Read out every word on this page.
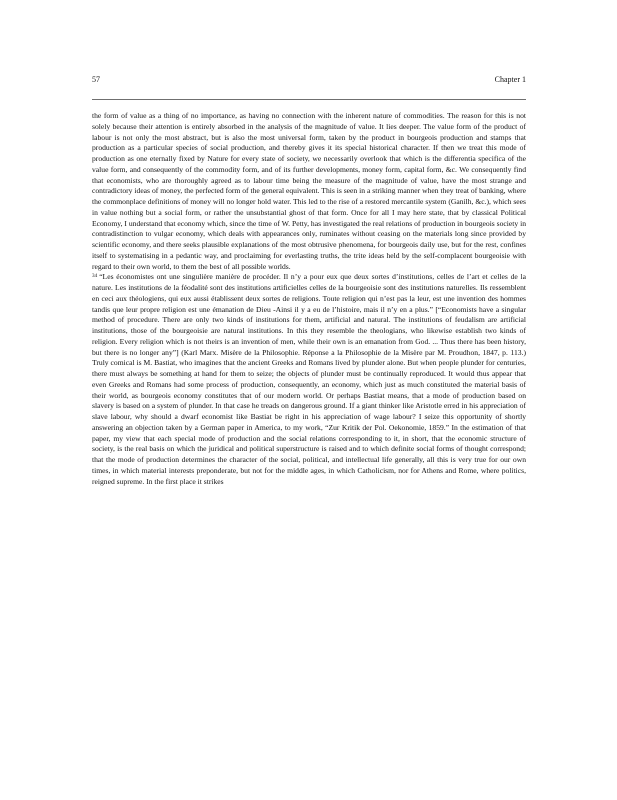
57	Chapter 1

the form of value as a thing of no importance, as having no connection with the inherent nature of commodities. The reason for this is not solely because their attention is entirely absorbed in the analysis of the magnitude of value. It lies deeper. The value form of the product of labour is not only the most abstract, but is also the most universal form, taken by the product in bourgeois production and stamps that production as a particular species of social production, and thereby gives it its special historical character. If then we treat this mode of production as one eternally fixed by Nature for every state of society, we necessarily overlook that which is the differentia specifica of the value form, and consequently of the commodity form, and of its further developments, money form, capital form, &c. We consequently find that economists, who are thoroughly agreed as to labour time being the measure of the magnitude of value, have the most strange and contradictory ideas of money, the perfected form of the general equivalent. This is seen in a striking manner when they treat of banking, where the commonplace definitions of money will no longer hold water. This led to the rise of a restored mercantile system (Ganilh, &c.), which sees in value nothing but a social form, or rather the unsubstantial ghost of that form. Once for all I may here state, that by classical Political Economy, I understand that economy which, since the time of W. Petty, has investigated the real relations of production in bourgeois society in contradistinction to vulgar economy, which deals with appearances only, ruminates without ceasing on the materials long since provided by scientific economy, and there seeks plausible explanations of the most obtrusive phenomena, for bourgeois daily use, but for the rest, confines itself to systematising in a pedantic way, and proclaiming for everlasting truths, the trite ideas held by the self-complacent bourgeoisie with regard to their own world, to them the best of all possible worlds.

$^{34}$ “Les économistes ont une singulière manière de procéder. Il n’y a pour eux que deux sortes d’institutions, celles de l’art et celles de la nature. Les institutions de la féodalité sont des institutions artificielles celles de la bourgeoisie sont des institutions naturelles. Ils ressemblent en ceci aux théologiens, qui eux aussi établissent deux sortes de religions. Toute religion qui n’est pas la leur, est une invention des hommes tandis que leur propre religion est une émanation de Dieu -Ainsi il y a eu de l’histoire, mais il n’y en a plus.” [“Economists have a singular method of procedure. There are only two kinds of institutions for them, artificial and natural. The institutions of feudalism are artificial institutions, those of the bourgeoisie are natural institutions. In this they resemble the theologians, who likewise establish two kinds of religion. Every religion which is not theirs is an invention of men, while their own is an emanation from God. ... Thus there has been history, but there is no longer any”] (Karl Marx. Misère de la Philosophie. Réponse a la Philosophie de la Misère par M. Proudhon, 1847, p. 113.) Truly comical is M. Bastiat, who imagines that the ancient Greeks and Romans lived by plunder alone. But when people plunder for centuries, there must always be something at hand for them to seize; the objects of plunder must be continually reproduced. It would thus appear that even Greeks and Romans had some process of production, consequently, an economy, which just as much constituted the material basis of their world, as bourgeois economy constitutes that of our modern world. Or perhaps Bastiat means, that a mode of production based on slavery is based on a system of plunder. In that case he treads on dangerous ground. If a giant thinker like Aristotle erred in his appreciation of slave labour, why should a dwarf economist like Bastiat be right in his appreciation of wage labour? I seize this opportunity of shortly answering an objection taken by a German paper in America, to my work, “Zur Kritik der Pol. Oekonomie, 1859.” In the estimation of that paper, my view that each special mode of production and the social relations corresponding to it, in short, that the economic structure of society, is the real basis on which the juridical and political superstructure is raised and to which definite social forms of thought correspond; that the mode of production determines the character of the social, political, and intellectual life generally, all this is very true for our own times, in which material interests preponderate, but not for the middle ages, in which Catholicism, nor for Athens and Rome, where politics, reigned supreme. In the first place it strikes
